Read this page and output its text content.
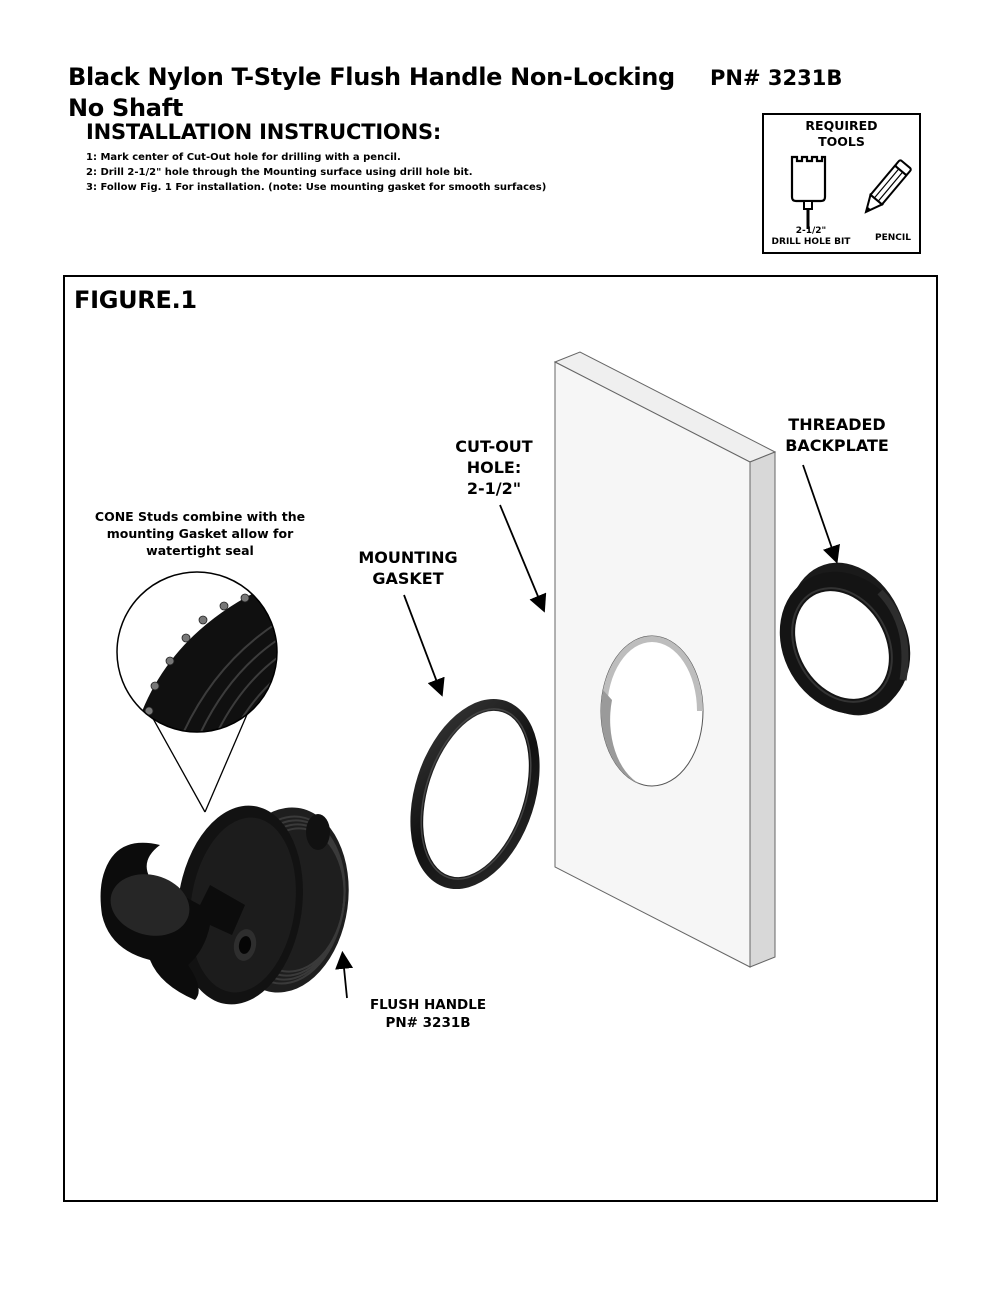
Black Nylon T-Style Flush Handle Non-Locking
No Shaft
PN# 3231B
INSTALLATION INSTRUCTIONS:
1: Mark center of Cut-Out hole for drilling with a pencil.
2: Drill 2-1/2" hole through the Mounting surface using drill hole bit.
3: Follow Fig. 1 For installation. (note: Use mounting gasket for smooth surfaces)
REQUIRED
TOOLS
2-1/2"
DRILL HOLE BIT	PENCIL
FIGURE.1
CONE Studs combine with the
mounting Gasket allow for
watertight seal	MOUNTING
GASKET
CUT-OUT
HOLE:
2-1/2"
THREADED
BACKPLATE
FLUSH HANDLE
PN# 3231B
